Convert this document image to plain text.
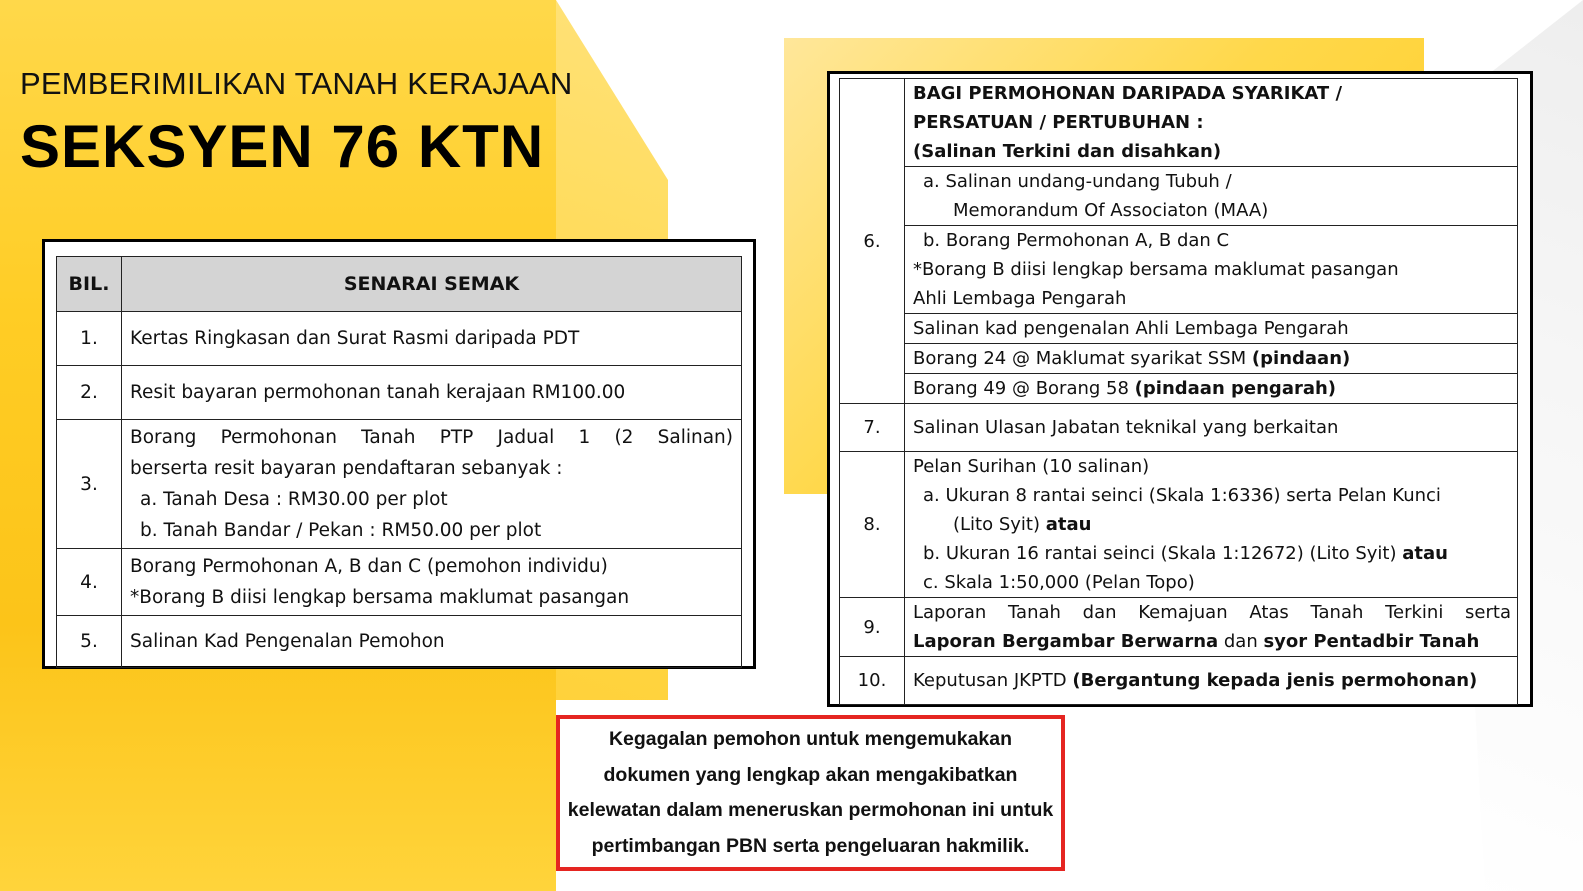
PEMBERIMILIKAN TANAH KERAJAAN
SEKSYEN 76 KTN
BIL.	SENARAI SEMAK
1.	Kertas Ringkasan dan Surat Rasmi daripada PDT
2.	Resit bayaran permohonan tanah kerajaan RM100.00
3.	Borang Permohonan Tanah PTP Jadual 1 (2 Salinan)
berserta resit bayaran pendaftaran sebanyak :
a. Tanah Desa : RM30.00 per plot
b. Tanah Bandar / Pekan : RM50.00 per plot

4.	Borang Permohonan A, B dan C (pemohon individu)
*Borang B diisi lengkap bersama maklumat pasangan

5.	Salinan Kad Pengenalan Pemohon
6.	BAGI PERMOHONAN DARIPADA SYARIKAT /
PERSATUAN / PERTUBUHAN :
(Salinan Terkini dan disahkan)

	a. Salinan undang-undang Tubuh /
Memorandum Of Associaton (MAA)

	b. Borang Permohonan A, B dan C
*Borang B diisi lengkap bersama maklumat pasangan
Ahli Lembaga Pengarah

	Salinan kad pengenalan Ahli Lembaga Pengarah
	Borang 24 @ Maklumat syarikat SSM (pindaan)
	Borang 49 @ Borang 58 (pindaan pengarah)
7.	Salinan Ulasan Jabatan teknikal yang berkaitan
8.	Pelan Surihan (10 salinan)
a. Ukuran 8 rantai seinci (Skala 1:6336) serta Pelan Kunci
(Lito Syit) atau
b. Ukuran 16 rantai seinci (Skala 1:12672) (Lito Syit) atau
c. Skala 1:50,000 (Pelan Topo)

9.	Laporan Tanah dan Kemajuan Atas Tanah Terkini serta
Laporan Bergambar Berwarna dan syor Pentadbir Tanah

10.	Keputusan JKPTD (Bergantung kepada jenis permohonan)
Kegagalan pemohon untuk mengemukakan
dokumen yang lengkap akan mengakibatkan
kelewatan dalam meneruskan permohonan ini untuk
pertimbangan PBN serta pengeluaran hakmilik.
